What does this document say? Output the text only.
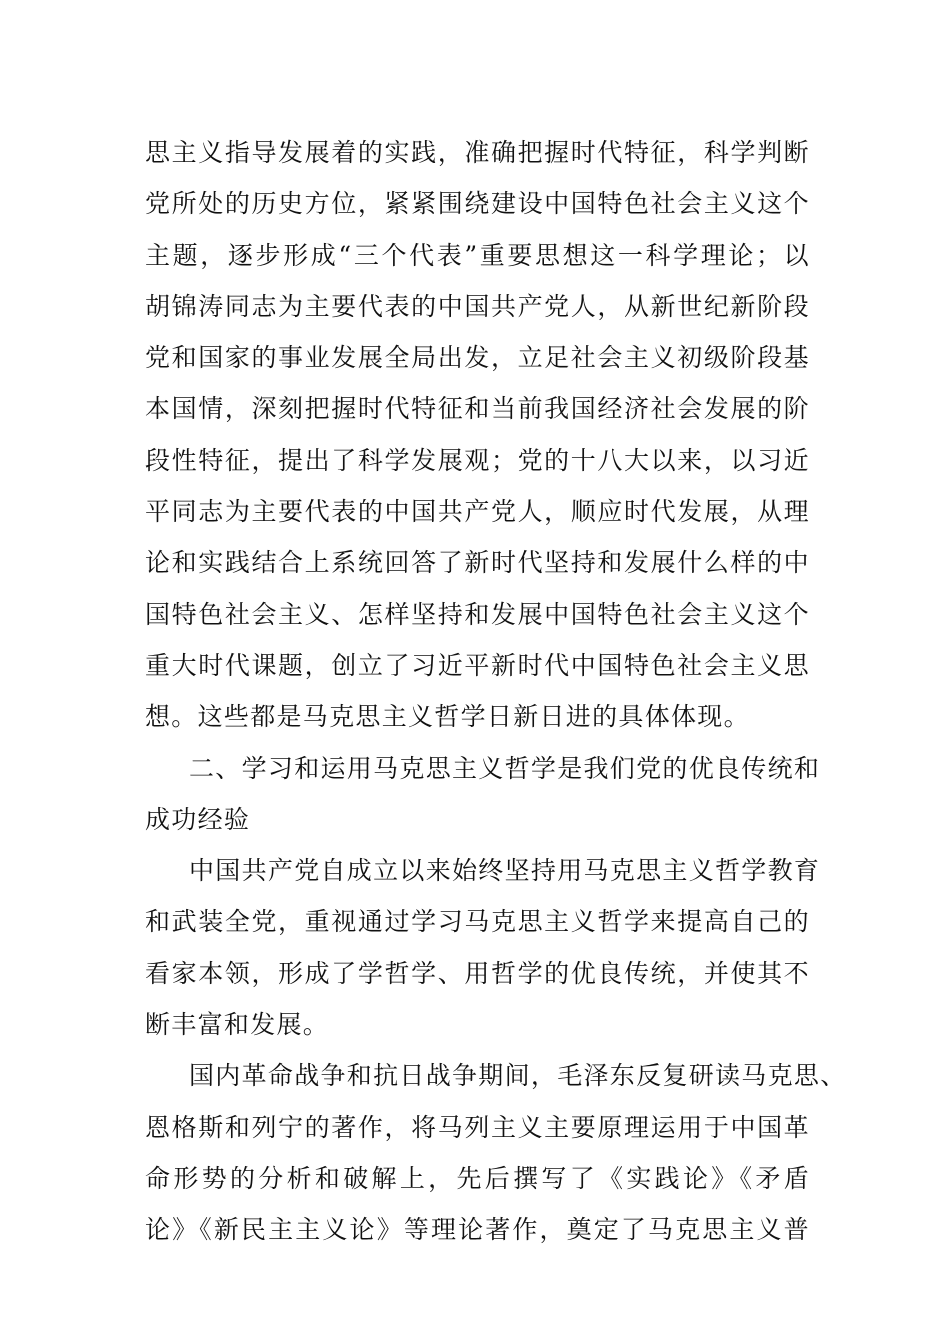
思主义指导发展着的实践，准确把握时代特征，科学判断
党所处的历史方位，紧紧围绕建设中国特色社会主义这个
主题，逐步形成“三个代表”重要思想这一科学理论；以
胡锦涛同志为主要代表的中国共产党人，从新世纪新阶段
党和国家的事业发展全局出发，立足社会主义初级阶段基
本国情，深刻把握时代特征和当前我国经济社会发展的阶
段性特征，提出了科学发展观；党的十八大以来，以习近
平同志为主要代表的中国共产党人，顺应时代发展，从理
论和实践结合上系统回答了新时代坚持和发展什么样的中
国特色社会主义、怎样坚持和发展中国特色社会主义这个
重大时代课题，创立了习近平新时代中国特色社会主义思
想。这些都是马克思主义哲学日新日进的具体体现。
二、学习和运用马克思主义哲学是我们党的优良传统和
成功经验
中国共产党自成立以来始终坚持用马克思主义哲学教育
和武装全党，重视通过学习马克思主义哲学来提高自己的
看家本领，形成了学哲学、用哲学的优良传统，并使其不
断丰富和发展。
国内革命战争和抗日战争期间，毛泽东反复研读马克思、
恩格斯和列宁的著作，将马列主义主要原理运用于中国革
命形势的分析和破解上，先后撰写了《实践论》《矛盾
论》《新民主主义论》等理论著作，奠定了马克思主义普
